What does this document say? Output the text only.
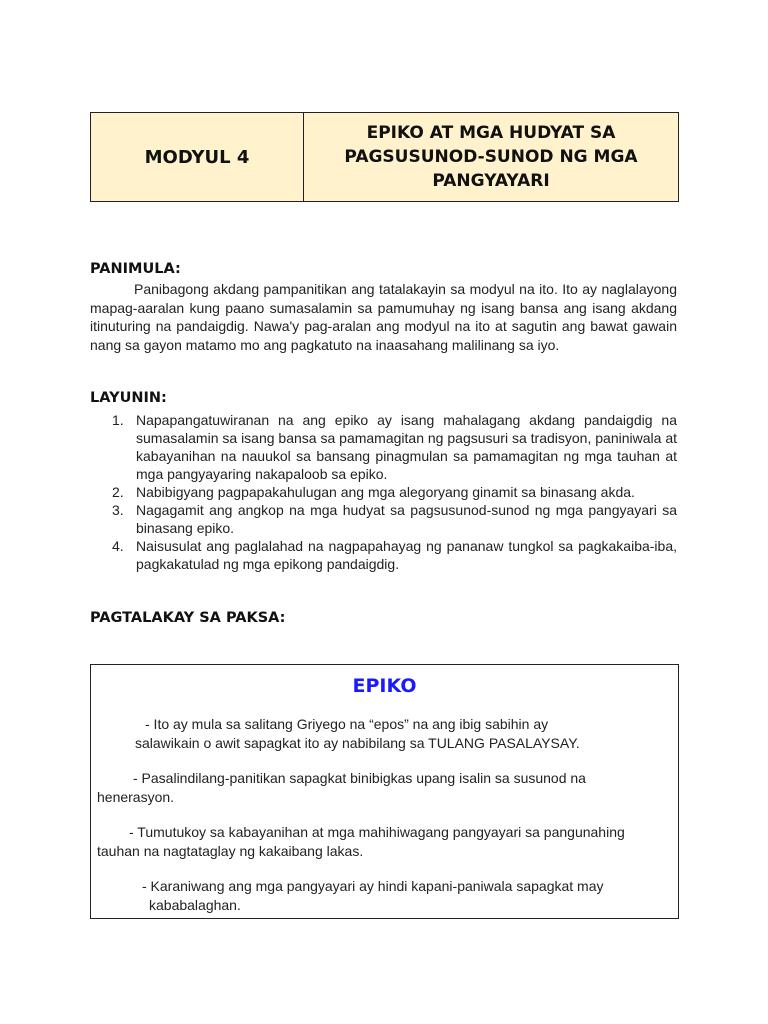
MODYUL 4
EPIKO AT MGA HUDYAT SA
PAGSUSUNOD-SUNOD NG MGA
PANGYAYARI
PANIMULA:

Panibagong akdang pampanitikan ang tatalakayin sa modyul na ito. Ito ay naglalayong mapag-aaralan kung paano sumasalamin sa pamumuhay ng isang bansa ang isang akdang itinuturing na pandaigdig. Nawa'y pag-aralan ang modyul na ito at sagutin ang bawat gawain nang sa gayon matamo mo ang pagkatuto na inaasahang malilinang sa iyo.

LAYUNIN:
1. Napapangatuwiranan na ang epiko ay isang mahalagang akdang pandaigdig na sumasalamin sa isang bansa sa pamamagitan ng pagsusuri sa tradisyon, paniniwala at kabayanihan na nauukol sa bansang pinagmulan sa pamamagitan ng mga tauhan at mga pangyayaring nakapaloob sa epiko.
2. Nabibigyang pagpapakahulugan ang mga alegoryang ginamit sa binasang akda.
3. Nagagamit ang angkop na mga hudyat sa pagsusunod-sunod ng mga pangyayari sa binasang epiko.
4. Naisusulat ang paglalahad na nagpapahayag ng pananaw tungkol sa pagkakaiba-iba, pagkakatulad ng mga epikong pandaigdig.
PAGTALAKAY SA PAKSA:
EPIKO
- Ito ay mula sa salitang Griyego na “epos” na ang ibig sabihin ay
salawikain o awit sapagkat ito ay nabibilang sa TULANG PASALAYSAY.
- Pasalindilang-panitikan sapagkat binibigkas upang isalin sa susunod na
henerasyon.
- Tumutukoy sa kabayanihan at mga mahihiwagang pangyayari sa pangunahing
tauhan na nagtataglay ng kakaibang lakas.
- Karaniwang ang mga pangyayari ay hindi kapani-paniwala sapagkat may
kababalaghan.
